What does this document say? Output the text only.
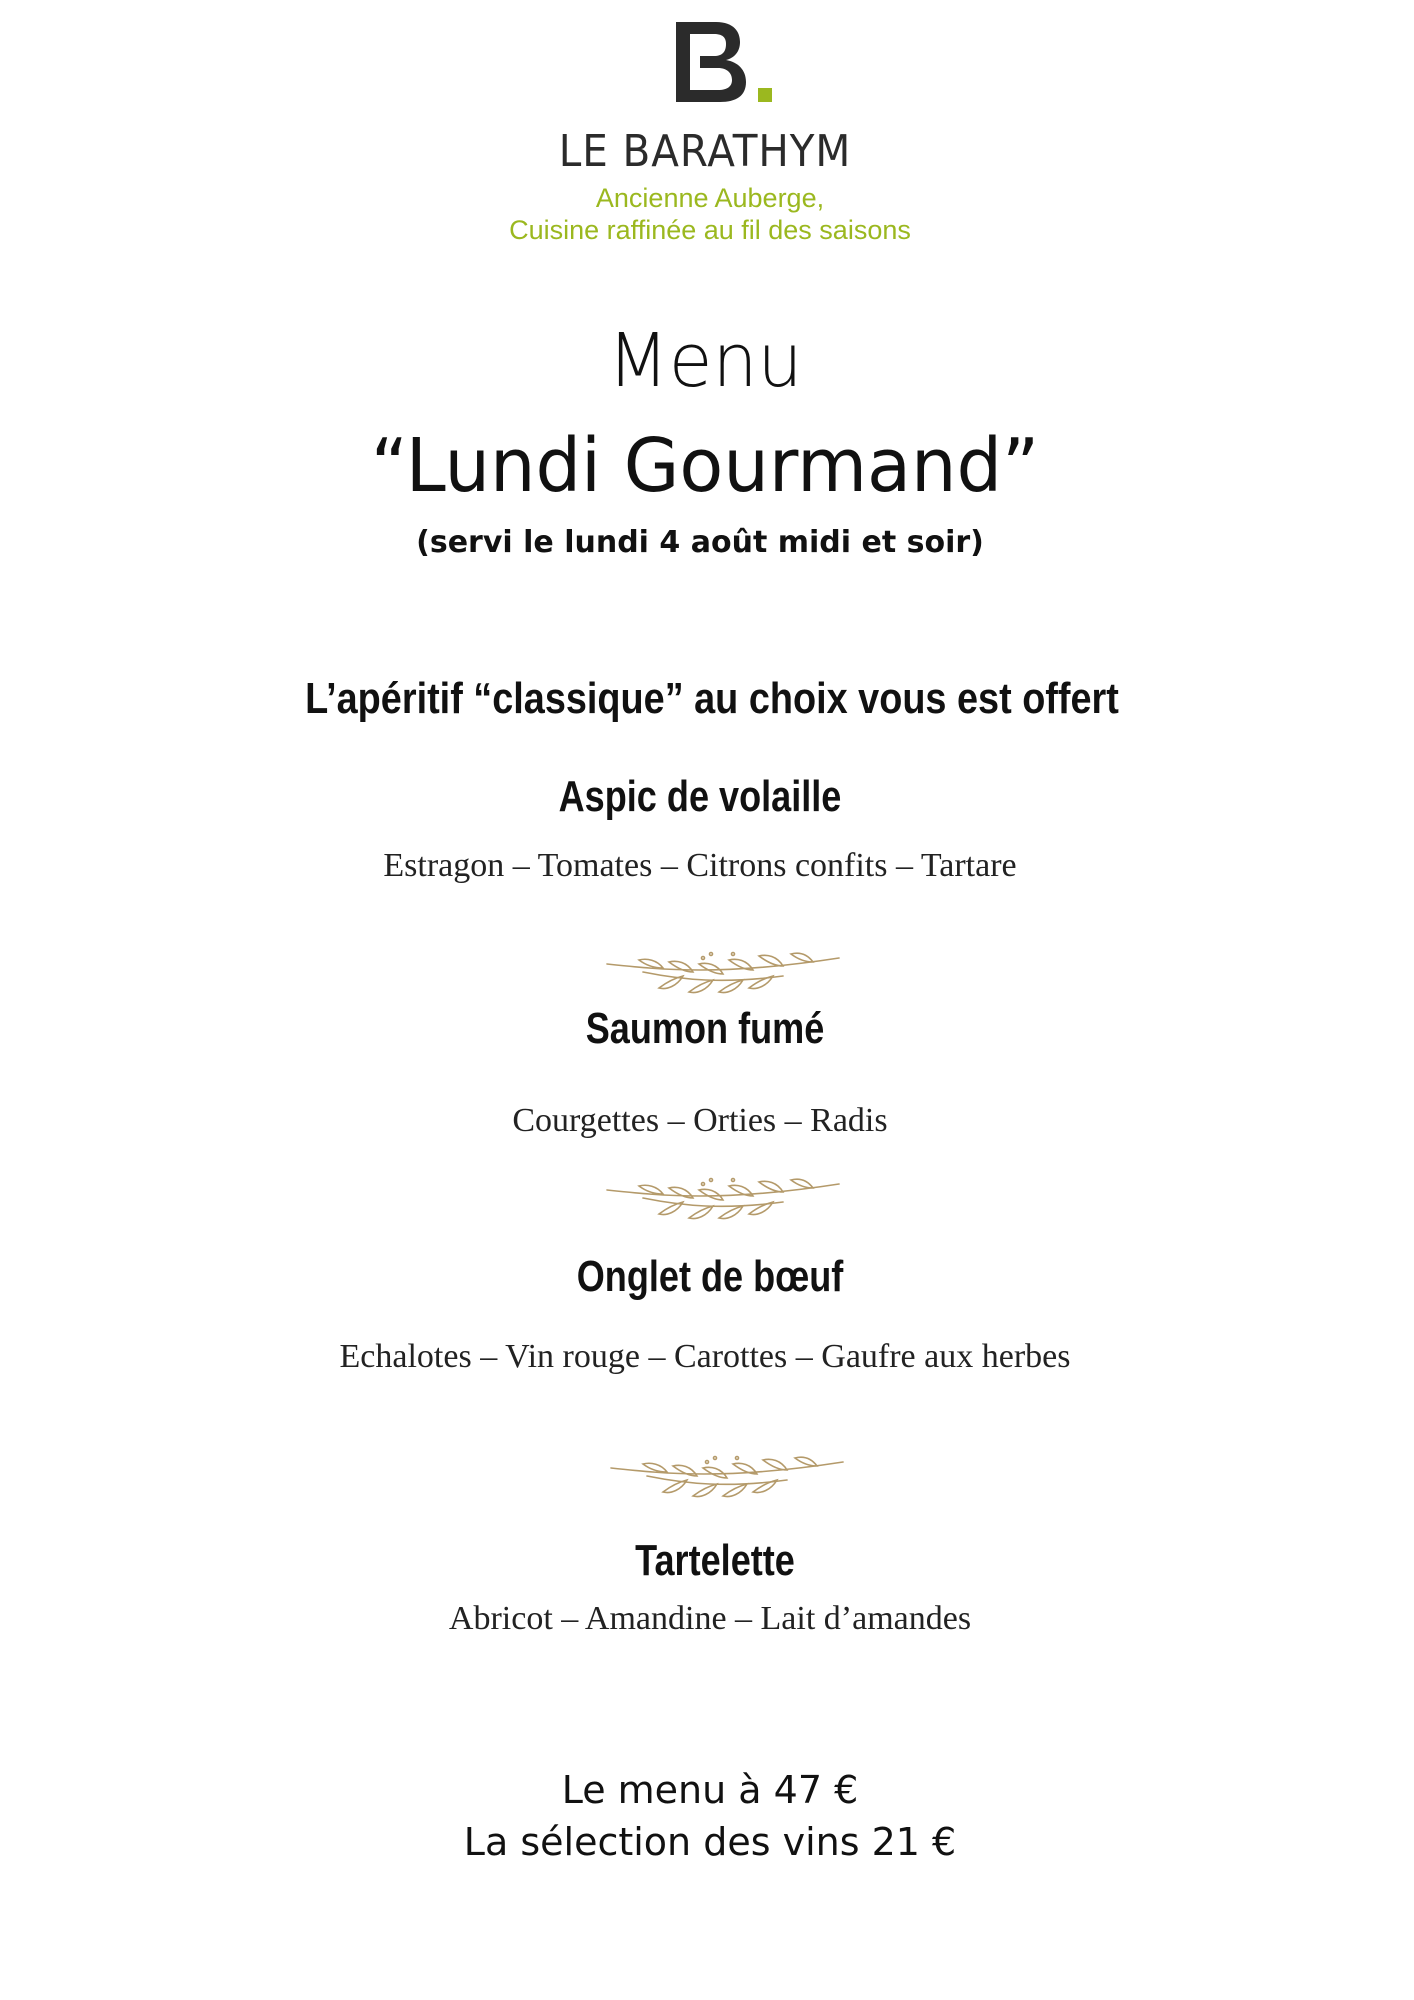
LE BARATHYM
Ancienne Auberge,
Cuisine raffinée au fil des saisons
Menu
“Lundi Gourmand”
(servi le lundi 4 août midi et soir)
L’apéritif “classique” au choix vous est offert
Aspic de volaille
Estragon – Tomates – Citrons confits – Tartare
Saumon fumé
Courgettes – Orties – Radis
Onglet de bœuf
Echalotes – Vin rouge – Carottes – Gaufre aux herbes
Tartelette
Abricot – Amandine – Lait d’amandes
Le menu à 47 €
La sélection des vins 21 €
